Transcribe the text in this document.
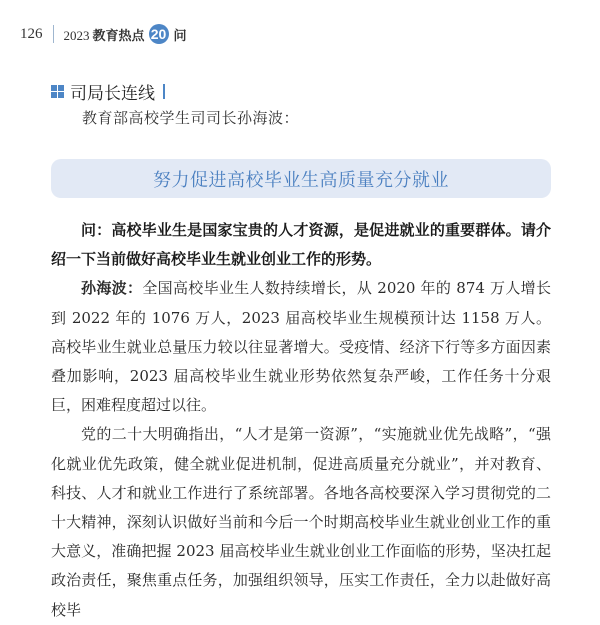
126 2023 教育热点 20 问
司局长连线
教育部高校学生司司长孙海波：
努力促进高校毕业生高质量充分就业

问：高校毕业生是国家宝贵的人才资源，是促进就业的重要群体。请介绍一下当前做好高校毕业生就业创业工作的形势。

孙海波：全国高校毕业生人数持续增长，从 2020 年的 874 万人增长到 2022 年的 1076 万人，2023 届高校毕业生规模预计达 1158 万人。高校毕业生就业总量压力较以往显著增大。受疫情、经济下行等多方面因素叠加影响，2023 届高校毕业生就业形势依然复杂严峻，工作任务十分艰巨，困难程度超过以往。

党的二十大明确指出，“人才是第一资源”，“实施就业优先战略”，“强化就业优先政策，健全就业促进机制，促进高质量充分就业”，并对教育、科技、人才和就业工作进行了系统部署。各地各高校要深入学习贯彻党的二十大精神，深刻认识做好当前和今后一个时期高校毕业生就业创业工作的重大意义，准确把握 2023 届高校毕业生就业创业工作面临的形势，坚决扛起政治责任，聚焦重点任务，加强组织领导，压实工作责任，全力以赴做好高校毕
